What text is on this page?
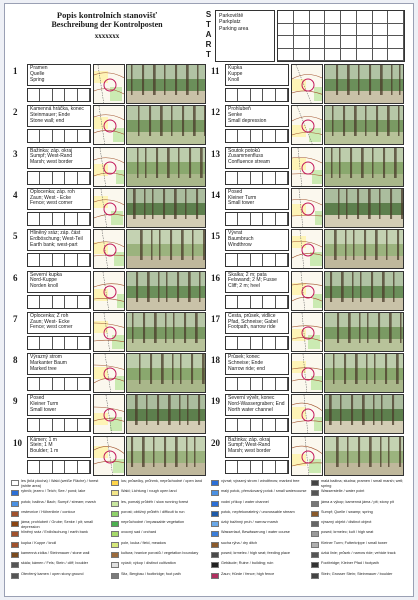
Popis kontrolních stanovišť
Beschreibung der Kontrolposten
xxxxxxx
S
T
A
R
T
Parkoviště
Parkplatz
Parking area
1	Pramen
Quelle
Spring
2	Kamenná hráčka, konec
Steinmauer; Ende
Stone wall; end
3	Bažinka; záp. okraj
Sumpf; West-Rand
Marsh; west border
4	Oplocenka; záp. roh
Zaun; West - Ecke
Fence; west corner
5	Hliněný sráz; záp. část
Erdböschung; West-Teil
Earth bank; west-part
6	Severní kupka
Nord-Kuppe
Norden knoll
7	Oplocenka; Z roh
Zaun; West- Ecke
Fence; west corner
8	Výrazný strom
Markanter Baum
Marked tree
9	Posed
Kleiner Turm
Small tower
10	Kámen; 1 m
Stein; 1 M
Boulder; 1 m
11	Kupka
Kuppe
Knoll
12	Prohlubeň
Senke
Small depression
13	Soutok potoků
Zusammenfluss
Confluence stream
14	Posed
Kleiner Turm
Small tower
15	Vývrat
Baumbruch
Windthrow
16	Skalka; 2 m; pata
Felswand; 2 M; Fusse
Cliff; 2 m; heel
17	Cesta, průsek, vidlice
Pfad, Schneise; Gabel
Footpath, narrow ride
18	Průsek; konec
Schneise; Ende
Narrow ride; end
19	Severní vývěr, konec
Nord-Wassergraben; End
North water channel
20	Bažinka; záp. okraj
Sumpf; West-Rand
Marsh; west border
les (bílá plocha) / Wald (weiße Fläche) / forest (white area)
rybník; jezero / Teich; See / pond; lake
potok; bažina / Bach; Sumpf / stream; marsh
vrstevnice / Höhenlinie / contour
jáma; prohlubeň / Grube; Senke / pit; small depression
hliněný sráz / Erdböschung / earth bank
kupka / Kuppe / knoll
kamenná zídka / Steinmauer / stone wall
skála; kámen / Fels; Stein / cliff; boulder
Otevřený kamen / open stony ground
los; průsečky, průhrnk, neprůchodné / open land
Wald; Lichtung / rough open land
les, pomalý průběh / slow running forest
porost; obtížný průběh / difficult to run
neprůchodné / impassable vegetation
ovocný sad / orchard
pole, louka / field, meadow
kultura; hranice porostů / vegetation boundary
vyústí; výkop / distinct cultivation
Sitz, Bergbau / footbridge; foot path
vývrat; výrazný strom / windthrow; marked tree
malý potok, přerušovaný potok / small watercourse
vodní příkop / water channel
potok, nepřekonatelný / uncrossable stream
úzký bažinný pruh / narrow marsh
Wasserlauf, Bewässerung / water course
sucha rýha / dry ditch
posed; krmelec / high seat; feeding place
Gebäude; Ruine / building; ruin
Zaun; Hürde / fence; high fence
malá bažina; studna; pramen / small marsh; well; spring
Wasserstelle / water point
jáma a výkop; kamenná jáma / pit; stony pit
Sumpf; Quelle / swamp; spring
výrazný objekt / distinct object
posed; krmelec; kult / high seat
Kleiner Turm; Futterkrippe / small tower
úzká linie; průsek / narrow ride; vehicle track
Footbridge; Kleiner Pfad / footpath
Stein; Grosser Stein; Steinmauer / boulder
